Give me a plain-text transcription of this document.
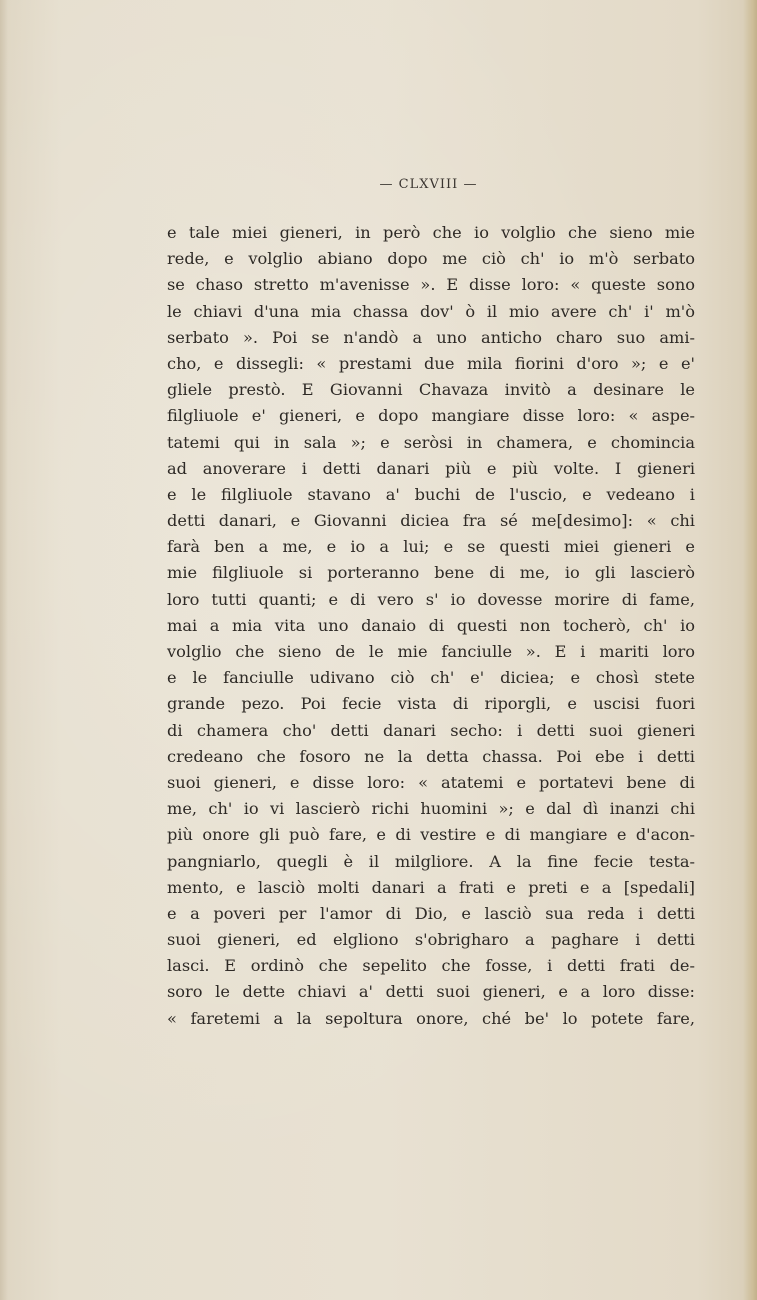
— CLXVIII —
e tale miei gieneri, in però che io volglio che sieno mie
rede, e volglio abiano dopo me ciò ch' io m'ò serbato
se chaso stretto m'avenisse ». E disse loro: « queste sono
le chiavi d'una mia chassa dov' ò il mio avere ch' i' m'ò
serbato ». Poi se n'andò a uno anticho charo suo ami-
cho, e dissegli: « prestami due mila fiorini d'oro »; e e'
gliele prestò. E Giovanni Chavaza invitò a desinare le
filgliuole e' gieneri, e dopo mangiare disse loro: « aspe-
tatemi qui in sala »; e seròsi in chamera, e chomincia
ad anoverare i detti danari più e più volte. I gieneri
e le filgliuole stavano a' buchi de l'uscio, e vedeano i
detti danari, e Giovanni diciea fra sé me[desimo]: « chi
farà ben a me, e io a lui; e se questi miei gieneri e
mie filgliuole si porteranno bene di me, io gli lascierò
loro tutti quanti; e di vero s' io dovesse morire di fame,
mai a mia vita uno danaio di questi non tocherò, ch' io
volglio che sieno de le mie fanciulle ». E i mariti loro
e le fanciulle udivano ciò ch' e' diciea; e chosì stete
grande pezo. Poi fecie vista di riporgli, e uscisi fuori
di chamera cho' detti danari secho: i detti suoi gieneri
credeano che fosoro ne la detta chassa. Poi ebe i detti
suoi gieneri, e disse loro: « atatemi e portatevi bene di
me, ch' io vi lascierò richi huomini »; e dal dì inanzi chi
più onore gli può fare, e di vestire e di mangiare e d'acon-
pangniarlo, quegli è il milgliore. A la fine fecie testa-
mento, e lasciò molti danari a frati e preti e a [spedali]
e a poveri per l'amor di Dio, e lasciò sua reda i detti
suoi gieneri, ed elgliono s'obrigharo a paghare i detti
lasci. E ordinò che sepelito che fosse, i detti frati de-
soro le dette chiavi a' detti suoi gieneri, e a loro disse:
« faretemi a la sepoltura onore, ché be' lo potete fare,
